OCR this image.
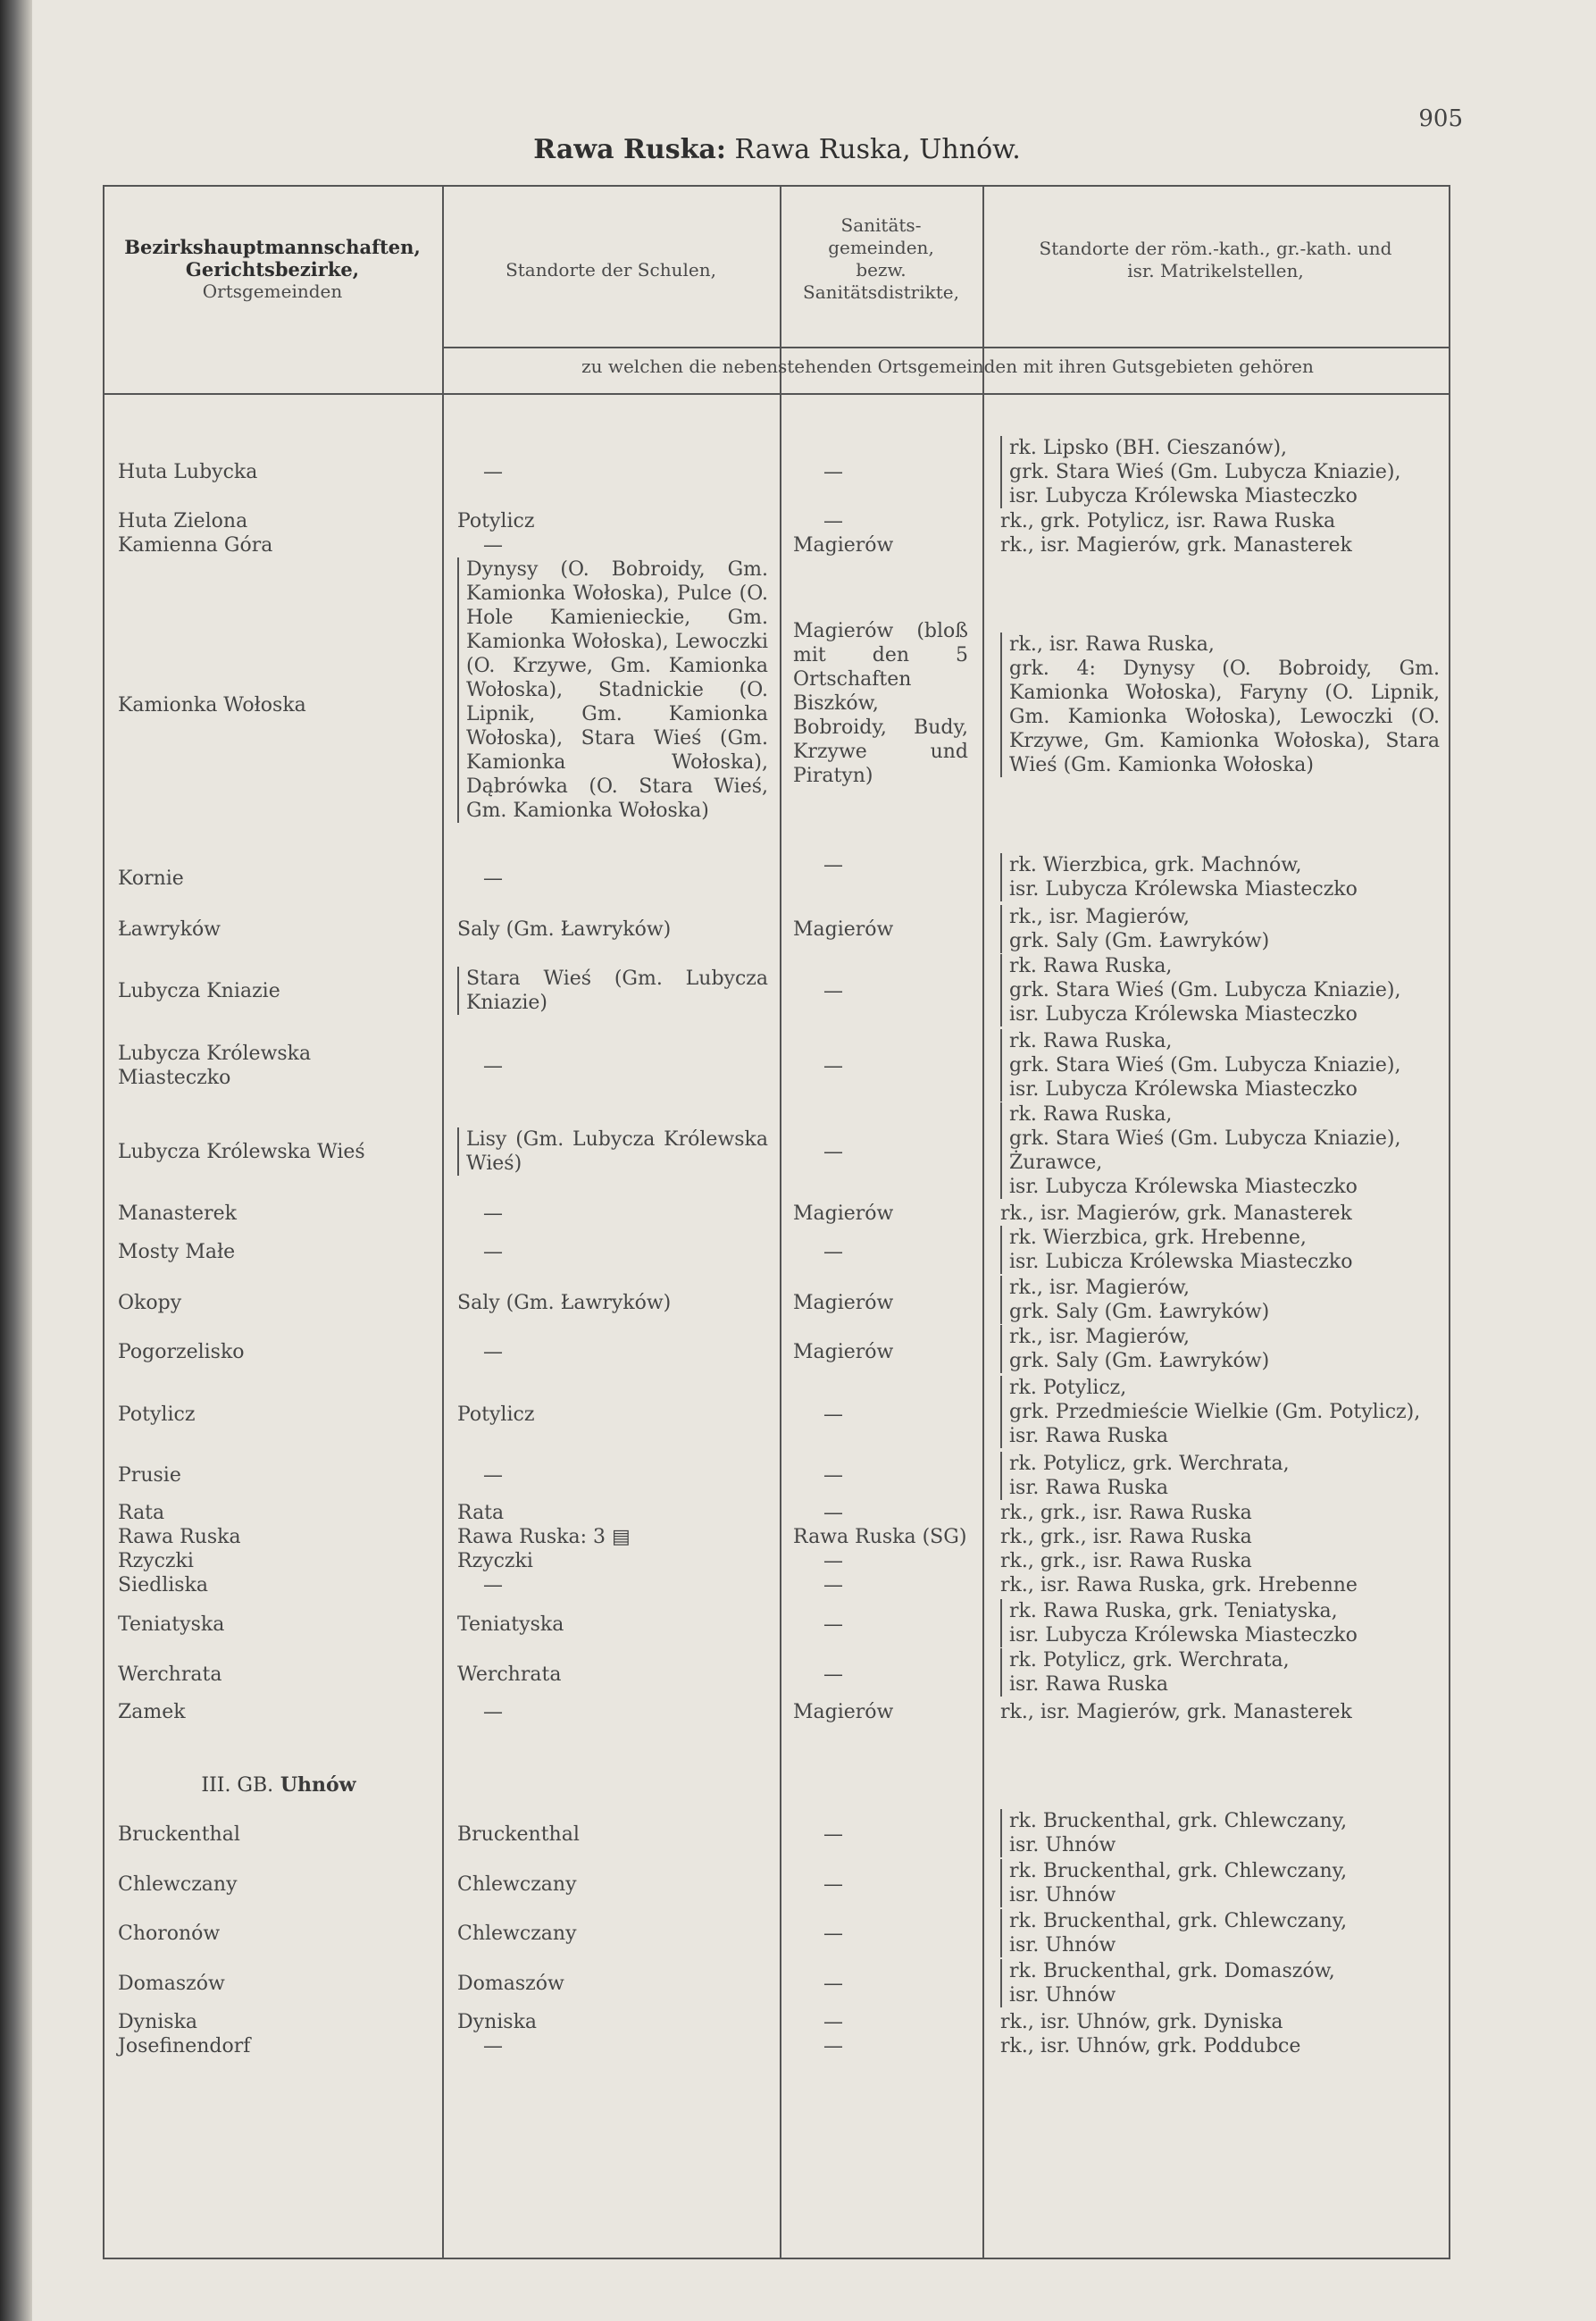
905
Rawa Ruska: Rawa Ruska, Uhnów.
Bezirkshauptmannschaften,
Gerichtsbezirke,
Ortsgemeinden
Standorte der Schulen,
Sanitäts-
gemeinden,
bezw.
Sanitätsdistrikte,
Standorte der röm.-kath., gr.-kath. und
isr. Matrikelstellen,
zu welchen die nebenstehenden Ortsgemeinden mit ihren Gutsgebieten gehören
Huta Lubycka
Huta Zielona
Kamienna Góra
Kamionka Wołoska
Kornie
Ławryków
Lubycza Kniazie
Lubycza Królewska Miasteczko
Lubycza Królewska Wieś
Manasterek
Mosty Małe
Okopy
Pogorzelisko
Potylicz
Prusie
Rata
Rawa Ruska
Rzyczki
Siedliska
Teniatyska
Werchrata
Zamek
Bruckenthal
Chlewczany
Choronów
Domaszów
Dyniska
Josefinendorf
III. GB. Uhnów
—
Potylicz
—
Dynysy (O. Bobroidy, Gm. Kamionka Wołoska), Pulce (O. Hole Kamienieckie, Gm. Kamionka Wołoska), Lewoczki (O. Krzywe, Gm. Kamionka Wołoska), Stadnickie (O. Lipnik, Gm. Kamionka Wołoska), Stara Wieś (Gm. Kamionka Wołoska), Dąbrówka (O. Stara Wieś, Gm. Kamionka Wołoska)
—
Saly (Gm. Ławryków)
Stara Wieś (Gm. Lubycza Kniazie)
—
Lisy (Gm. Lubycza Królewska Wieś)
—
—
Saly (Gm. Ławryków)
—
Potylicz
—
Rata
Rawa Ruska: 3 ▤
Rzyczki
—
Teniatyska
Werchrata
—
Bruckenthal
Chlewczany
Chlewczany
Domaszów
Dyniska
—
—
—
Magierów
Magierów (bloß mit den 5 Ortschaften Biszków, Bobroidy, Budy, Krzywe und Piratyn)
—
Magierów
—
—
—
Magierów
—
Magierów
Magierów
—
—
—
Rawa Ruska (SG)
—
—
—
—
Magierów
—
—
—
—
—
—
rk. Lipsko (BH. Cieszanów),
grk. Stara Wieś (Gm. Lubycza Kniazie),
isr. Lubycza Królewska Miasteczko
rk., grk. Potylicz, isr. Rawa Ruska
rk., isr. Magierów, grk. Manasterek
rk., isr. Rawa Ruska,
grk. 4: Dynysy (O. Bobroidy, Gm. Kamionka Wołoska), Faryny (O. Lipnik, Gm. Kamionka Wołoska), Lewoczki (O. Krzywe, Gm. Kamionka Wołoska), Stara Wieś (Gm. Kamionka Wołoska)
rk. Wierzbica, grk. Machnów,
isr. Lubycza Królewska Miasteczko
rk., isr. Magierów,
grk. Saly (Gm. Ławryków)
rk. Rawa Ruska,
grk. Stara Wieś (Gm. Lubycza Kniazie),
isr. Lubycza Królewska Miasteczko
rk. Rawa Ruska,
grk. Stara Wieś (Gm. Lubycza Kniazie),
isr. Lubycza Królewska Miasteczko
rk. Rawa Ruska,
grk. Stara Wieś (Gm. Lubycza Kniazie), Żurawce,
isr. Lubycza Królewska Miasteczko
rk., isr. Magierów, grk. Manasterek
rk. Wierzbica, grk. Hrebenne,
isr. Lubicza Królewska Miasteczko
rk., isr. Magierów,
grk. Saly (Gm. Ławryków)
rk., isr. Magierów,
grk. Saly (Gm. Ławryków)
rk. Potylicz,
grk. Przedmieście Wielkie (Gm. Potylicz),
isr. Rawa Ruska
rk. Potylicz, grk. Werchrata,
isr. Rawa Ruska
rk., grk., isr. Rawa Ruska
rk., grk., isr. Rawa Ruska
rk., grk., isr. Rawa Ruska
rk., isr. Rawa Ruska, grk. Hrebenne
rk. Rawa Ruska, grk. Teniatyska,
isr. Lubycza Królewska Miasteczko
rk. Potylicz, grk. Werchrata,
isr. Rawa Ruska
rk., isr. Magierów, grk. Manasterek
rk. Bruckenthal, grk. Chlewczany,
isr. Uhnów
rk. Bruckenthal, grk. Chlewczany,
isr. Uhnów
rk. Bruckenthal, grk. Chlewczany,
isr. Uhnów
rk. Bruckenthal, grk. Domaszów,
isr. Uhnów
rk., isr. Uhnów, grk. Dyniska
rk., isr. Uhnów, grk. Poddubce
